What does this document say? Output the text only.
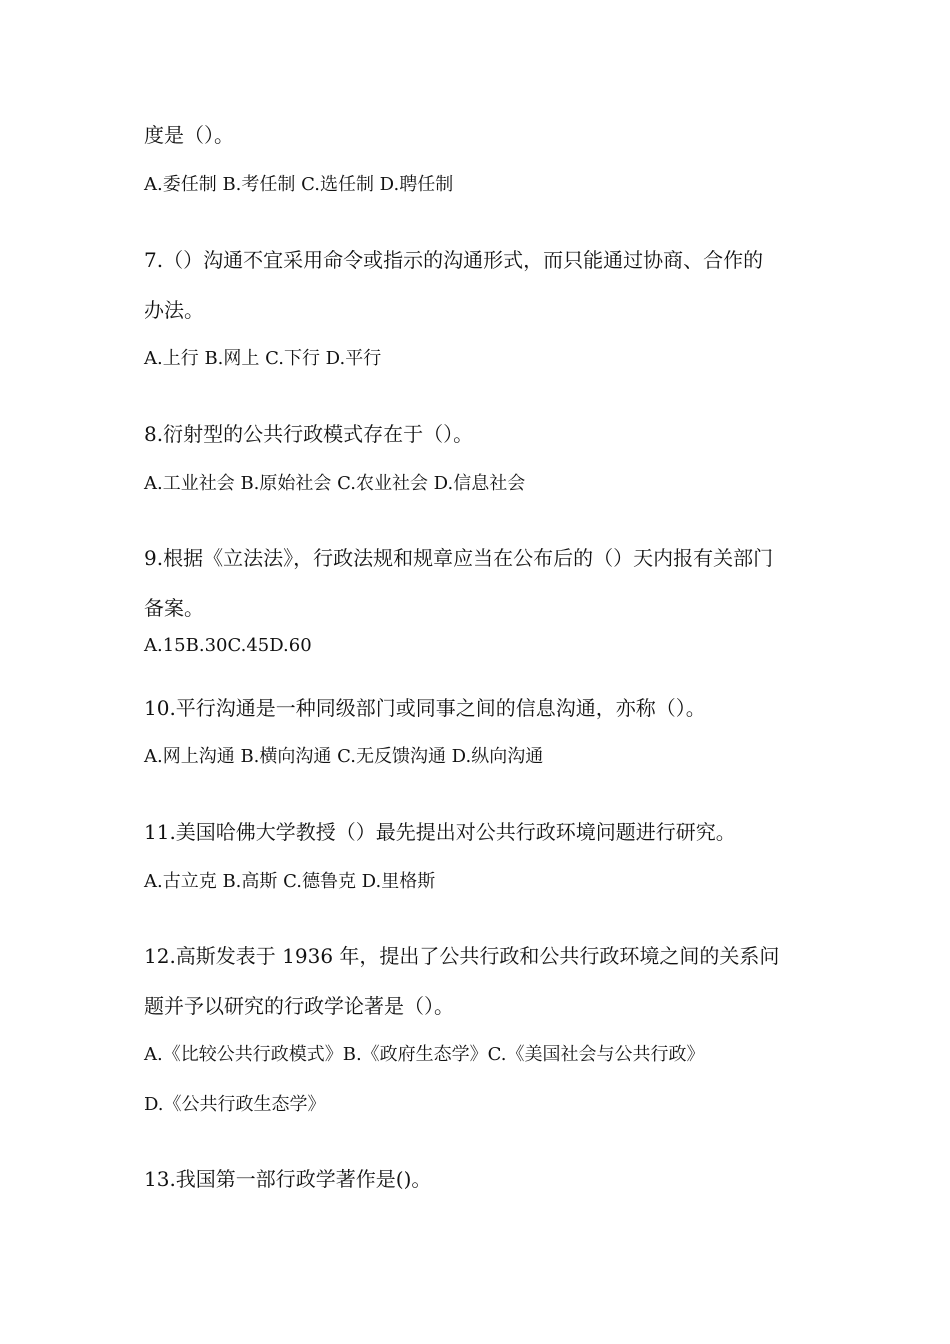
度是（）。
A.委任制 B.考任制 C.选任制 D.聘任制
7.（）沟通不宜采用命令或指示的沟通形式，而只能通过协商、合作的
办法。
A.上行 B.网上 C.下行 D.平行
8.衍射型的公共行政模式存在于（）。
A.工业社会 B.原始社会 C.农业社会 D.信息社会
9.根据《立法法》，行政法规和规章应当在公布后的（）天内报有关部门
备案。
A.15B.30C.45D.60
10.平行沟通是一种同级部门或同事之间的信息沟通，亦称（）。
A.网上沟通 B.横向沟通 C.无反馈沟通 D.纵向沟通
11.美国哈佛大学教授（）最先提出对公共行政环境问题进行研究。
A.古立克 B.高斯 C.德鲁克 D.里格斯
12.高斯发表于 1936 年，提出了公共行政和公共行政环境之间的关系问
题并予以研究的行政学论著是（）。
A.《比较公共行政模式》B.《政府生态学》C.《美国社会与公共行政》
D.《公共行政生态学》
13.我国第一部行政学著作是()。
